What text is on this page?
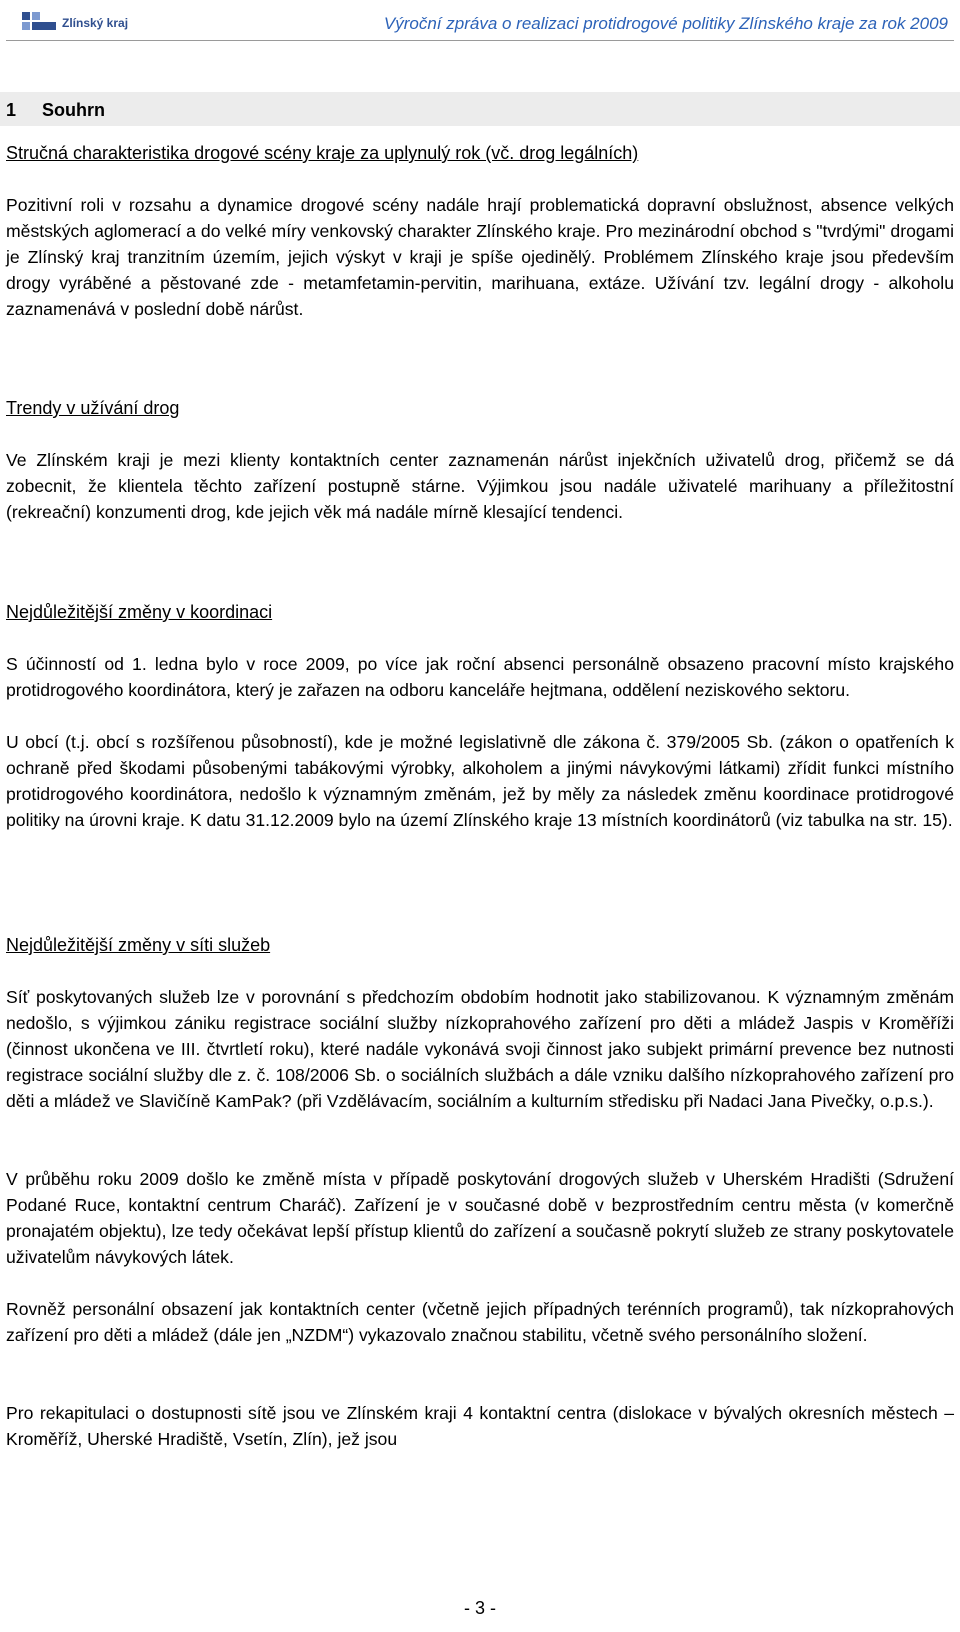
Zlínský kraj	Výroční zpráva o realizaci protidrogové politiky Zlínského kraje za rok 2009
1 Souhrn
Stručná charakteristika drogové scény kraje za uplynulý rok (vč. drog legálních)

Pozitivní roli v rozsahu a dynamice drogové scény nadále hrají problematická dopravní obslužnost, absence velkých městských aglomerací a do velké míry venkovský charakter Zlínského kraje. Pro mezinárodní obchod s "tvrdými" drogami je Zlínský kraj tranzitním územím, jejich výskyt v kraji je spíše ojedinělý. Problémem Zlínského kraje jsou především drogy vyráběné a pěstované zde - metamfetamin-pervitin, marihuana, extáze. Užívání tzv. legální drogy - alkoholu zaznamenává v poslední době nárůst.

Trendy v užívání drog

Ve Zlínském kraji je mezi klienty kontaktních center zaznamenán nárůst injekčních uživatelů drog, přičemž se dá zobecnit, že klientela těchto zařízení postupně stárne. Výjimkou jsou nadále uživatelé marihuany a příležitostní (rekreační) konzumenti drog, kde jejich věk má nadále mírně klesající tendenci.

Nejdůležitější změny v koordinaci

S účinností od 1. ledna bylo v roce 2009, po více jak roční absenci personálně obsazeno pracovní místo krajského protidrogového koordinátora, který je zařazen na odboru kanceláře hejtmana, oddělení neziskového sektoru.

U obcí (t.j. obcí s rozšířenou působností), kde je možné legislativně dle zákona č. 379/2005 Sb. (zákon o opatřeních k ochraně před škodami působenými tabákovými výrobky, alkoholem a jinými návykovými látkami) zřídit funkci místního protidrogového koordinátora, nedošlo k významným změnám, jež by měly za následek změnu koordinace protidrogové politiky na úrovni kraje. K datu 31.12.2009 bylo na území Zlínského kraje 13 místních koordinátorů (viz tabulka na str. 15).

Nejdůležitější změny v síti služeb

Síť poskytovaných služeb lze v porovnání s předchozím obdobím hodnotit jako stabilizovanou. K významným změnám nedošlo, s výjimkou zániku registrace sociální služby nízkoprahového zařízení pro děti a mládež Jaspis v Kroměříži (činnost ukončena ve III. čtvrtletí roku), které nadále vykonává svoji činnost jako subjekt primární prevence bez nutnosti registrace sociální služby dle z. č. 108/2006 Sb. o sociálních službách a dále vzniku dalšího nízkoprahového zařízení pro děti a mládež ve Slavičíně KamPak? (při Vzdělávacím, sociálním a kulturním středisku při Nadaci Jana Pivečky, o.p.s.).

V průběhu roku 2009 došlo ke změně místa v případě poskytování drogových služeb v Uherském Hradišti (Sdružení Podané Ruce, kontaktní centrum Charáč). Zařízení je v současné době v bezprostředním centru města (v komerčně pronajatém objektu), lze tedy očekávat lepší přístup klientů do zařízení a současně pokrytí služeb ze strany poskytovatele uživatelům návykových látek.

Rovněž personální obsazení jak kontaktních center (včetně jejich případných terénních programů), tak nízkoprahových zařízení pro děti a mládež (dále jen „NZDM“) vykazovalo značnou stabilitu, včetně svého personálního složení.

Pro rekapitulaci o dostupnosti sítě jsou ve Zlínském kraji 4 kontaktní centra (dislokace v bývalých okresních městech – Kroměříž, Uherské Hradiště, Vsetín, Zlín), jež jsou

- 3 -
